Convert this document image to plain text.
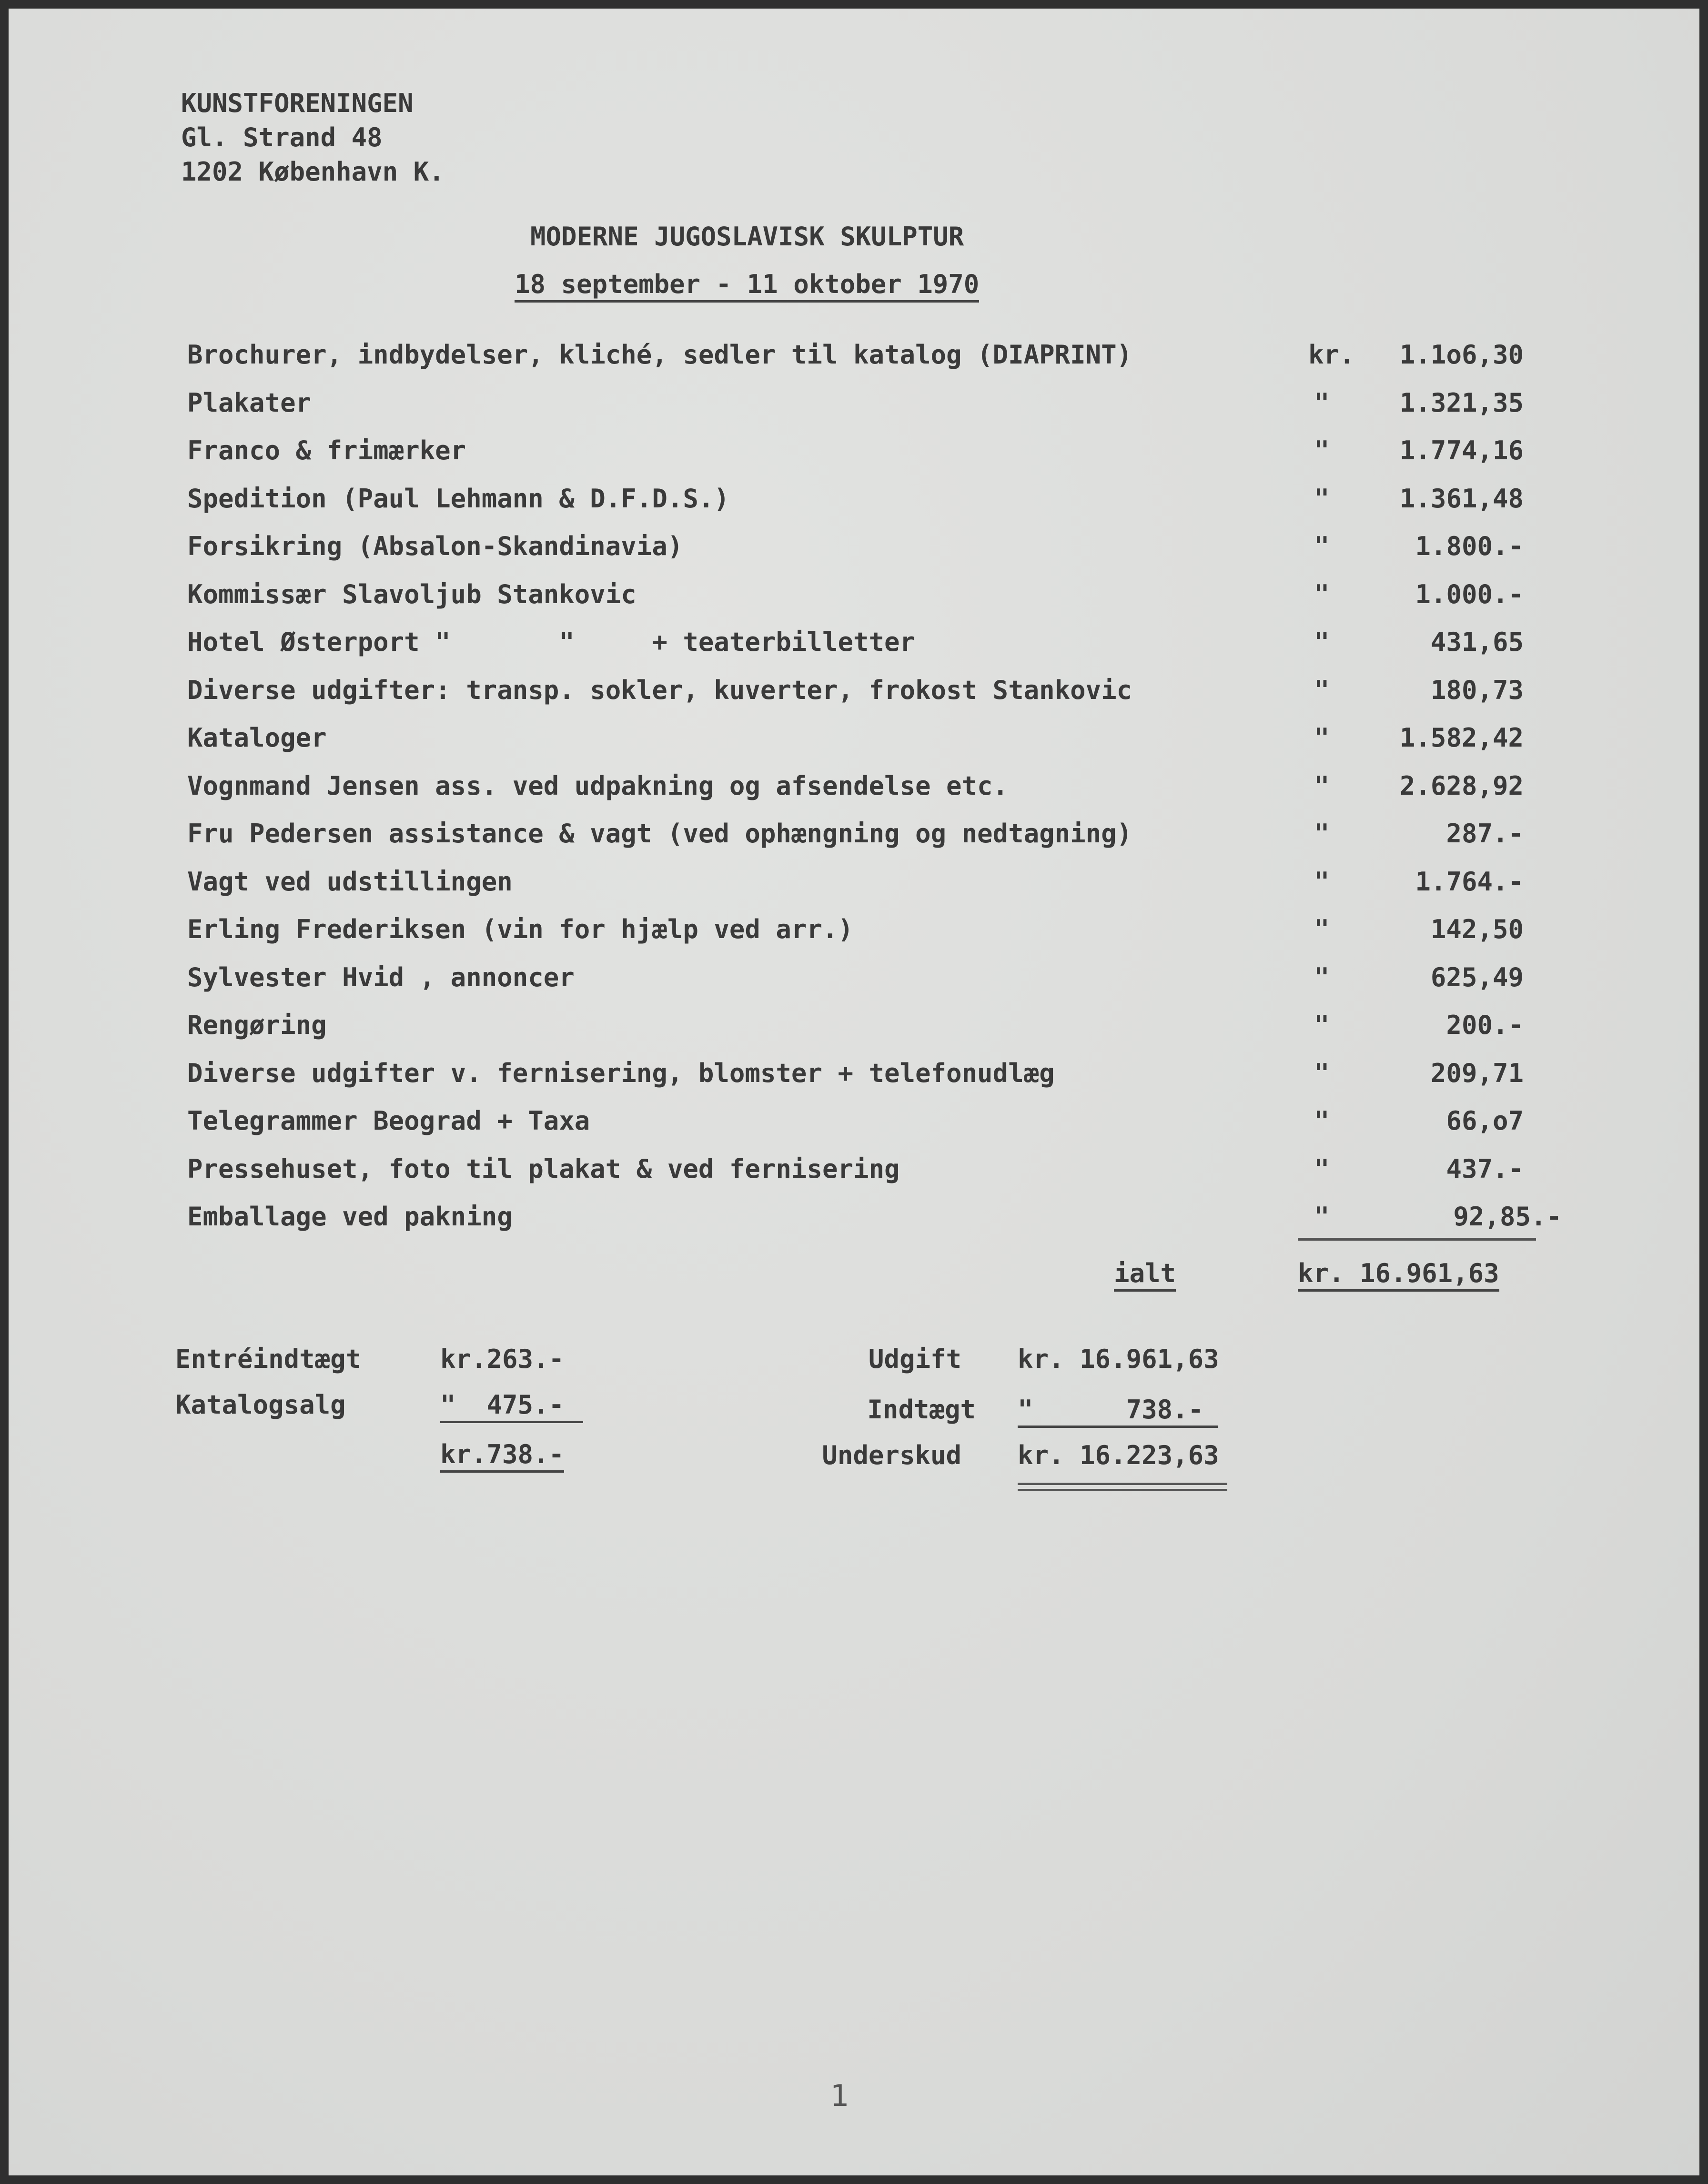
KUNSTFORENINGEN
Gl. Strand 48
1202 København K.
MODERNE JUGOSLAVISK SKULPTUR
18 september - 11 oktober 1970
Brochurer, indbydelser, kliché, sedler til katalog (DIAPRINT)	kr.	1.1o6,30
Plakater	"	1.321,35
Franco & frimærker	"	1.774,16
Spedition (Paul Lehmann & D.F.D.S.)	"	1.361,48
Forsikring (Absalon-Skandinavia)	"	1.800.-
Kommissær Slavoljub Stankovic	"	1.000.-
Hotel Østerport "       "     + teaterbilletter	"	431,65
Diverse udgifter: transp. sokler, kuverter, frokost Stankovic	"	180,73
Kataloger	"	1.582,42
Vognmand Jensen ass. ved udpakning og afsendelse etc.	"	2.628,92
Fru Pedersen assistance & vagt (ved ophængning og nedtagning)	"	287.-
Vagt ved udstillingen	"	1.764.-
Erling Frederiksen (vin for hjælp ved arr.)	"	142,50
Sylvester Hvid , annoncer	"	625,49
Rengøring	"	200.-
Diverse udgifter v. fernisering, blomster + telefonudlæg	"	209,71
Telegrammer Beograd + Taxa	"	66,o7
Pressehuset, foto til plakat & ved fernisering	"	437.-
Emballage ved pakning	"	92,85.-
ialt	kr. 16.961,63
Entréindtægt	kr.263.-
Katalogsalg	"  475.-
kr.738.-
Udgift kr. 16.961,63
Indtægt "      738.-
Underskud kr. 16.223,63
1
